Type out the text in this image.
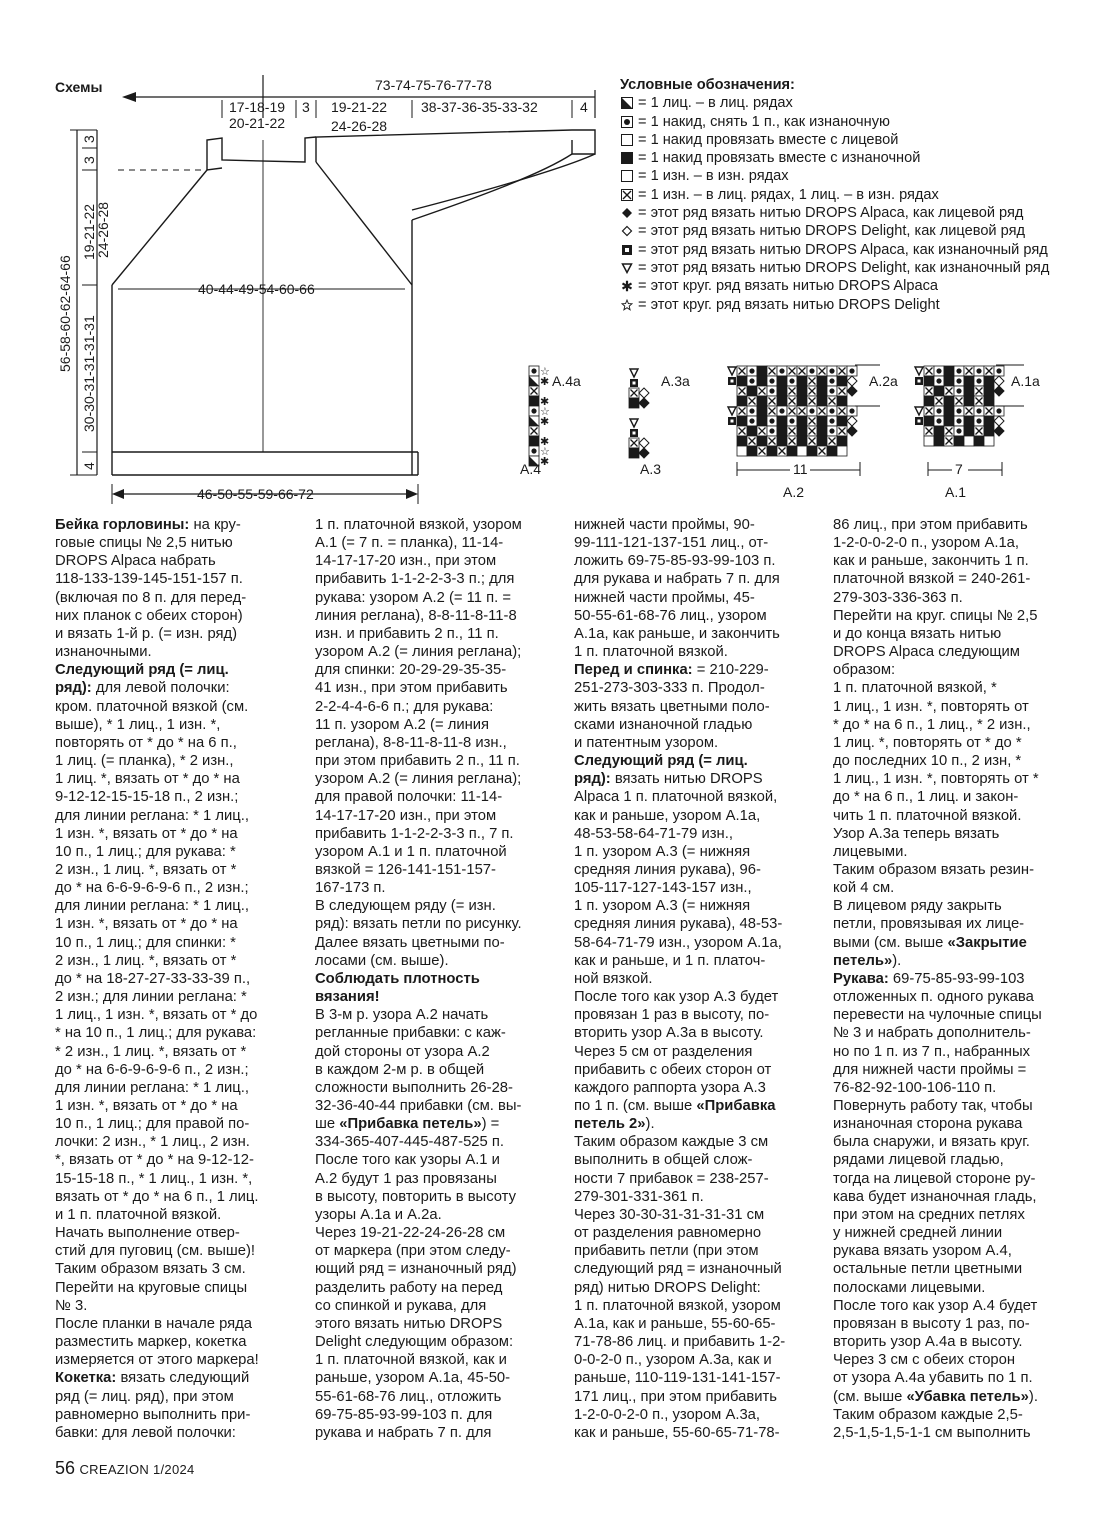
Схемы	73-74-75-76-77-78
17-18-19
20-21-22
3 19-21-22
24-26-28
38-37-36-35-33-32	4
40-44-49-54-60-66
46-50-55-59-66-72
56-58-60-62-64-66
3
3
19-21-22
24-26-28
30-30-31-31-31-31
4
☆
✱
✱
☆
✱
✱
☆
✱
A.4a
A.4
A.3a
A.3
A.2a
A.2
A.1a
A.1
11	7
Условные обозначения:
= 1 лиц. – в лиц. рядах
= 1 накид, снять 1 п., как изнаночную
= 1 накид провязать вместе с лицевой
= 1 накид провязать вместе с изнаночной
= 1 изн. – в изн. рядах
= 1 изн. – в лиц. рядах, 1 лиц. – в изн. рядах
= этот ряд вязать нитью DROPS Alpaca, как лицевой ряд
= этот ряд вязать нитью DROPS Delight, как лицевой ряд
= этот ряд вязать нитью DROPS Alpaca, как изнаночный ряд
= этот ряд вязать нитью DROPS Delight, как изнаночный ряд
= этот круг. ряд вязать нитью DROPS Alpaca
= этот круг. ряд вязать нитью DROPS Delight
Бейка горловины: на кру-
говые спицы № 2,5 нитью
DROPS Alpaca набрать
118-133-139-145-151-157 п.
(включая по 8 п. для перед-
них планок с обеих сторон)
и вязать 1-й р. (= изн. ряд)
изнаночными.
Следующий ряд (= лиц.
ряд): для левой полочки:
кром. платочной вязкой (см.
выше), * 1 лиц., 1 изн. *,
повторять от * до * на 6 п.,
1 лиц. (= планка), * 2 изн.,
1 лиц. *, вязать от * до * на
9-12-12-15-15-18 п., 2 изн.;
для линии реглана: * 1 лиц.,
1 изн. *, вязать от * до * на
10 п., 1 лиц.; для рукава: *
2 изн., 1 лиц. *, вязать от *
до * на 6-6-9-6-9-6 п., 2 изн.;
для линии реглана: * 1 лиц.,
1 изн. *, вязать от * до * на
10 п., 1 лиц.; для спинки: *
2 изн., 1 лиц. *, вязать от *
до * на 18-27-27-33-33-39 п.,
2 изн.; для линии реглана: *
1 лиц., 1 изн. *, вязать от * до
* на 10 п., 1 лиц.; для рукава:
* 2 изн., 1 лиц. *, вязать от *
до * на 6-6-9-6-9-6 п., 2 изн.;
для линии реглана: * 1 лиц.,
1 изн. *, вязать от * до * на
10 п., 1 лиц.; для правой по-
лочки: 2 изн., * 1 лиц., 2 изн.
*, вязать от * до * на 9-12-12-
15-15-18 п., * 1 лиц., 1 изн. *,
вязать от * до * на 6 п., 1 лиц.
и 1 п. платочной вязкой.
Начать выполнение отвер-
стий для пуговиц (см. выше)!
Таким образом вязать 3 см.
Перейти на круговые спицы
№ 3.
После планки в начале ряда
разместить маркер, кокетка
измеряется от этого маркера!
Кокетка: вязать следующий
ряд (= лиц. ряд), при этом
равномерно выполнить при-
бавки: для левой полочки:
1 п. платочной вязкой, узором
A.1 (= 7 п. = планка), 11-14-
14-17-17-20 изн., при этом
прибавить 1-1-2-2-3-3 п.; для
рукава: узором A.2 (= 11 п. =
линия реглана), 8-8-11-8-11-8
изн. и прибавить 2 п., 11 п.
узором A.2 (= линия реглана);
для спинки: 20-29-29-35-35-
41 изн., при этом прибавить
2-2-4-4-6-6 п.; для рукава:
11 п. узором A.2 (= линия
реглана), 8-8-11-8-11-8 изн.,
при этом прибавить 2 п., 11 п.
узором A.2 (= линия реглана);
для правой полочки: 11-14-
14-17-17-20 изн., при этом
прибавить 1-1-2-2-3-3 п., 7 п.
узором A.1 и 1 п. платочной
вязкой = 126-141-151-157-
167-173 п.
В следующем ряду (= изн.
ряд): вязать петли по рисунку.
Далее вязать цветными по-
лосами (см. выше).
Соблюдать плотность
вязания!
В 3-м р. узора A.2 начать
регланные прибавки: с каж-
дой стороны от узора A.2
в каждом 2-м р. в общей
сложности выполнить 26-28-
32-36-40-44 прибавки (см. вы-
ше «Прибавка петель») =
334-365-407-445-487-525 п.
После того как узоры A.1 и
A.2 будут 1 раз провязаны
в высоту, повторить в высоту
узоры A.1a и A.2a.
Через 19-21-22-24-26-28 см
от маркера (при этом следу-
ющий ряд = изнаночный ряд)
разделить работу на перед
со спинкой и рукава, для
этого вязать нитью DROPS
Delight следующим образом:
1 п. платочной вязкой, как и
раньше, узором A.1a, 45-50-
55-61-68-76 лиц., отложить
69-75-85-93-99-103 п. для
рукава и набрать 7 п. для
нижней части проймы, 90-
99-111-121-137-151 лиц., от-
ложить 69-75-85-93-99-103 п.
для рукава и набрать 7 п. для
нижней части проймы, 45-
50-55-61-68-76 лиц., узором
A.1a, как раньше, и закончить
1 п. платочной вязкой.
Перед и спинка: = 210-229-
251-273-303-333 п. Продол-
жить вязать цветными поло-
сками изнаночной гладью
и патентным узором.
Следующий ряд (= лиц.
ряд): вязать нитью DROPS
Alpaca 1 п. платочной вязкой,
как и раньше, узором A.1a,
48-53-58-64-71-79 изн.,
1 п. узором A.3 (= нижняя
средняя линия рукава), 96-
105-117-127-143-157 изн.,
1 п. узором A.3 (= нижняя
средняя линия рукава), 48-53-
58-64-71-79 изн., узором A.1a,
как и раньше, и 1 п. платоч-
ной вязкой.
После того как узор A.3 будет
провязан 1 раз в высоту, по-
вторить узор A.3a в высоту.
Через 5 см от разделения
прибавить с обеих сторон от
каждого раппорта узора A.3
по 1 п. (см. выше «Прибавка
петель 2»).
Таким образом каждые 3 см
выполнить в общей слож-
ности 7 прибавок = 238-257-
279-301-331-361 п.
Через 30-30-31-31-31-31 см
от разделения равномерно
прибавить петли (при этом
следующий ряд = изнаночный
ряд) нитью DROPS Delight:
1 п. платочной вязкой, узором
A.1a, как и раньше, 55-60-65-
71-78-86 лиц. и прибавить 1-2-
0-0-2-0 п., узором A.3a, как и
раньше, 110-119-131-141-157-
171 лиц., при этом прибавить
1-2-0-0-2-0 п., узором A.3a,
как и раньше, 55-60-65-71-78-
86 лиц., при этом прибавить
1-2-0-0-2-0 п., узором A.1a,
как и раньше, закончить 1 п.
платочной вязкой = 240-261-
279-303-336-363 п.
Перейти на круг. спицы № 2,5
и до конца вязать нитью
DROPS Alpaca следующим
образом:
1 п. платочной вязкой, *
1 лиц., 1 изн. *, повторять от
* до * на 6 п., 1 лиц., * 2 изн.,
1 лиц. *, повторять от * до *
до последних 10 п., 2 изн, *
1 лиц., 1 изн. *, повторять от *
до * на 6 п., 1 лиц. и закон-
чить 1 п. платочной вязкой.
Узор A.3a теперь вязать
лицевыми.
Таким образом вязать резин-
кой 4 см.
В лицевом ряду закрыть
петли, провязывая их лице-
выми (см. выше «Закрытие
петель»).
Рукава: 69-75-85-93-99-103
отложенных п. одного рукава
перевести на чулочные спицы
№ 3 и набрать дополнитель-
но по 1 п. из 7 п., набранных
для нижней части проймы =
76-82-92-100-106-110 п.
Повернуть работу так, чтобы
изнаночная сторона рукава
была снаружи, и вязать круг.
рядами лицевой гладью,
тогда на лицевой стороне ру-
кава будет изнаночная гладь,
при этом на средних петлях
у нижней средней линии
рукава вязать узором A.4,
остальные петли цветными
полосками лицевыми.
После того как узор A.4 будет
провязан в высоту 1 раз, по-
вторить узор A.4a в высоту.
Через 3 см с обеих сторон
от узора A.4a убавить по 1 п.
(см. выше «Убавка петель»).
Таким образом каждые 2,5-
2,5-1,5-1,5-1-1 см выполнить
56 CREAZION 1/2024
